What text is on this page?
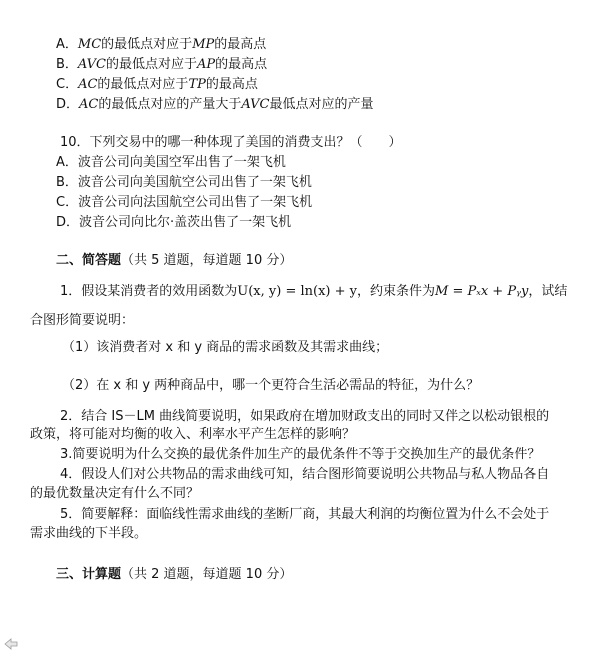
A．MC的最低点对应于MP的最高点
B．AVC的最低点对应于AP的最高点
C．AC的最低点对应于TP的最高点
D．AC的最低点对应的产量大于AVC最低点对应的产量
10．下列交易中的哪一种体现了美国的消费支出？（　　）
A．波音公司向美国空军出售了一架飞机
B．波音公司向美国航空公司出售了一架飞机
C．波音公司向法国航空公司出售了一架飞机
D．波音公司向比尔·盖茨出售了一架飞机
二、简答题（共 5 道题，每道题 10 分）
1．假设某消费者的效用函数为U(x, y) = ln(x) + y，约束条件为M = Pₓx + Pᵧy，试结
合图形简要说明：
（1）该消费者对 x 和 y 商品的需求函数及其需求曲线；
（2）在 x 和 y 两种商品中，哪一个更符合生活必需品的特征，为什么？
2．结合 IS－LM 曲线简要说明，如果政府在增加财政支出的同时又伴之以松动银根的
政策，将可能对均衡的收入、利率水平产生怎样的影响？
3.简要说明为什么交换的最优条件加生产的最优条件不等于交换加生产的最优条件？
4．假设人们对公共物品的需求曲线可知，结合图形简要说明公共物品与私人物品各自
的最优数量决定有什么不同？
5．简要解释：面临线性需求曲线的垄断厂商，其最大利润的均衡位置为什么不会处于
需求曲线的下半段。
三、计算题（共 2 道题，每道题 10 分）
